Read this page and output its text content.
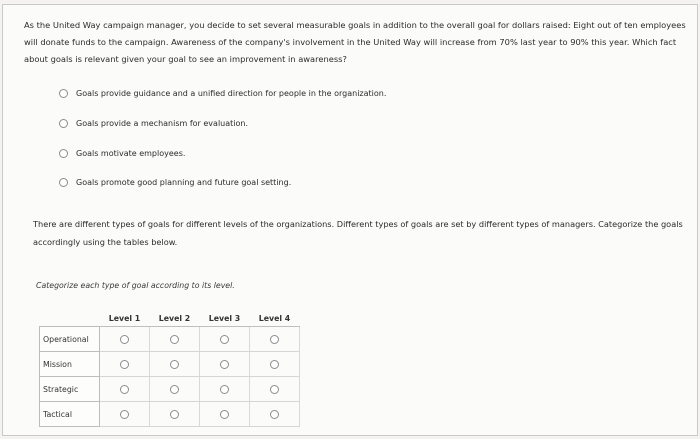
As the United Way campaign manager, you decide to set several measurable goals in addition to the overall goal for dollars raised: Eight out of ten employees will donate funds to the campaign. Awareness of the company's involvement in the United Way will increase from 70% last year to 90% this year. Which fact about goals is relevant given your goal to see an improvement in awareness?
Goals provide guidance and a unified direction for people in the organization.
Goals provide a mechanism for evaluation.
Goals motivate employees.
Goals promote good planning and future goal setting.
There are different types of goals for different levels of the organizations. Different types of goals are set by different types of managers. Categorize the goals accordingly using the tables below.
Categorize each type of goal according to its level.
	Level 1	Level 2	Level 3	Level 4
Operational				
Mission				
Strategic				
Tactical				
